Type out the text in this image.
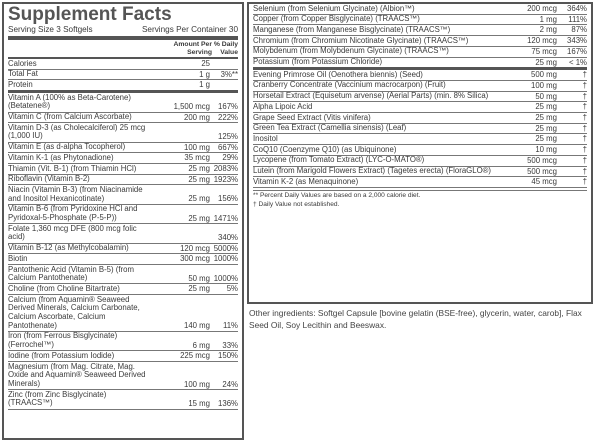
Supplement Facts
Serving Size 3 Softgels	Servings Per Container 30
Amount Per Serving
% Daily Value
Calories	25
Total Fat	1 g	3%**
Protein	1 g
Vitamin A (100% as Beta-Carotene) (Betatene®)	1,500 mcg	167%
Vitamin C (from Calcium Ascorbate)	200 mg	222%
Vitamin D-3 (as Cholecalciferol) 25 mcg (1,000 IU)	125%
Vitamin E (as d-alpha Tocopherol)	100 mg	667%
Vitamin K-1 (as Phytonadione)	35 mcg	29%
Thiamin (Vit. B-1) (from Thiamin HCl)	25 mg 2083%
Riboflavin (Vitamin B-2)	25 mg 1923%
Niacin (Vitamin B-3) (from Niacinamide and Inositol Hexanicotinate)	25 mg	156%
Vitamin B-6 (from Pyridoxine HCl and Pyridoxal-5-Phosphate (P-5-P))	25 mg 1471%
Folate 1,360 mcg DFE (800 mcg folic acid)	340%
Vitamin B-12 (as Methylcobalamin)	120 mcg 5000%
Biotin	300 mcg 1000%
Pantothenic Acid (Vitamin B-5) (from Calcium Pantothenate)	50 mg 1000%
Choline (from Choline Bitartrate)	25 mg	5%
Calcium (from Aquamin® Seaweed Derived Minerals, Calcium Carbonate, Calcium Ascorbate, Calcium Pantothenate)	140 mg	11%
Iron (from Ferrous Bisglycinate) (Ferrochel™)	6 mg	33%
Iodine (from Potassium Iodide)	225 mcg	150%
Magnesium (from Mag. Citrate, Mag. Oxide and Aquamin® Seaweed Derived Minerals)	100 mg	24%
Zinc (from Zinc Bisglycinate) (TRAACS™)	15 mg	136%
Selenium (from Selenium Glycinate) (Albion™)	200 mcg	364%
Copper (from Copper Bisglycinate) (TRAACS™)	1 mg	111%
Manganese (from Manganese Bisglycinate) (TRAACS™)	2 mg	87%
Chromium (from Chromium Nicotinate Glycinate) (TRAACS™)	120 mcg	343%
Molybdenum (from Molybdenum Glycinate) (TRAACS™)	75 mcg	167%
Potassium (from Potassium Chloride)	25 mg	< 1%
Evening Primrose Oil (Oenothera biennis) (Seed)	500 mg	†
Cranberry Concentrate (Vaccinium macrocarpon) (Fruit)	100 mg	†
Horsetail Extract (Equisetum arvense) (Aerial Parts) (min. 8% Silica)	50 mg	†
Alpha Lipoic Acid	25 mg	†
Grape Seed Extract (Vitis vinifera)	25 mg	†
Green Tea Extract (Camellia sinensis) (Leaf)	25 mg	†
Inositol	25 mg	†
CoQ10 (Coenzyme Q10) (as Ubiquinone)	10 mg	†
Lycopene (from Tomato Extract) (LYC-O-MATO®)	500 mcg	†
Lutein (from Marigold Flowers Extract) (Tagetes erecta) (FloraGLO®)	500 mcg	†
Vitamin K-2 (as Menaquinone)	45 mcg	†
** Percent Daily Values are based on a 2,000 calorie diet.
† Daily Value not established.
Other ingredients: Softgel Capsule [bovine gelatin (BSE-free), glycerin, water, carob], Flax Seed Oil, Soy Lecithin and Beeswax.
